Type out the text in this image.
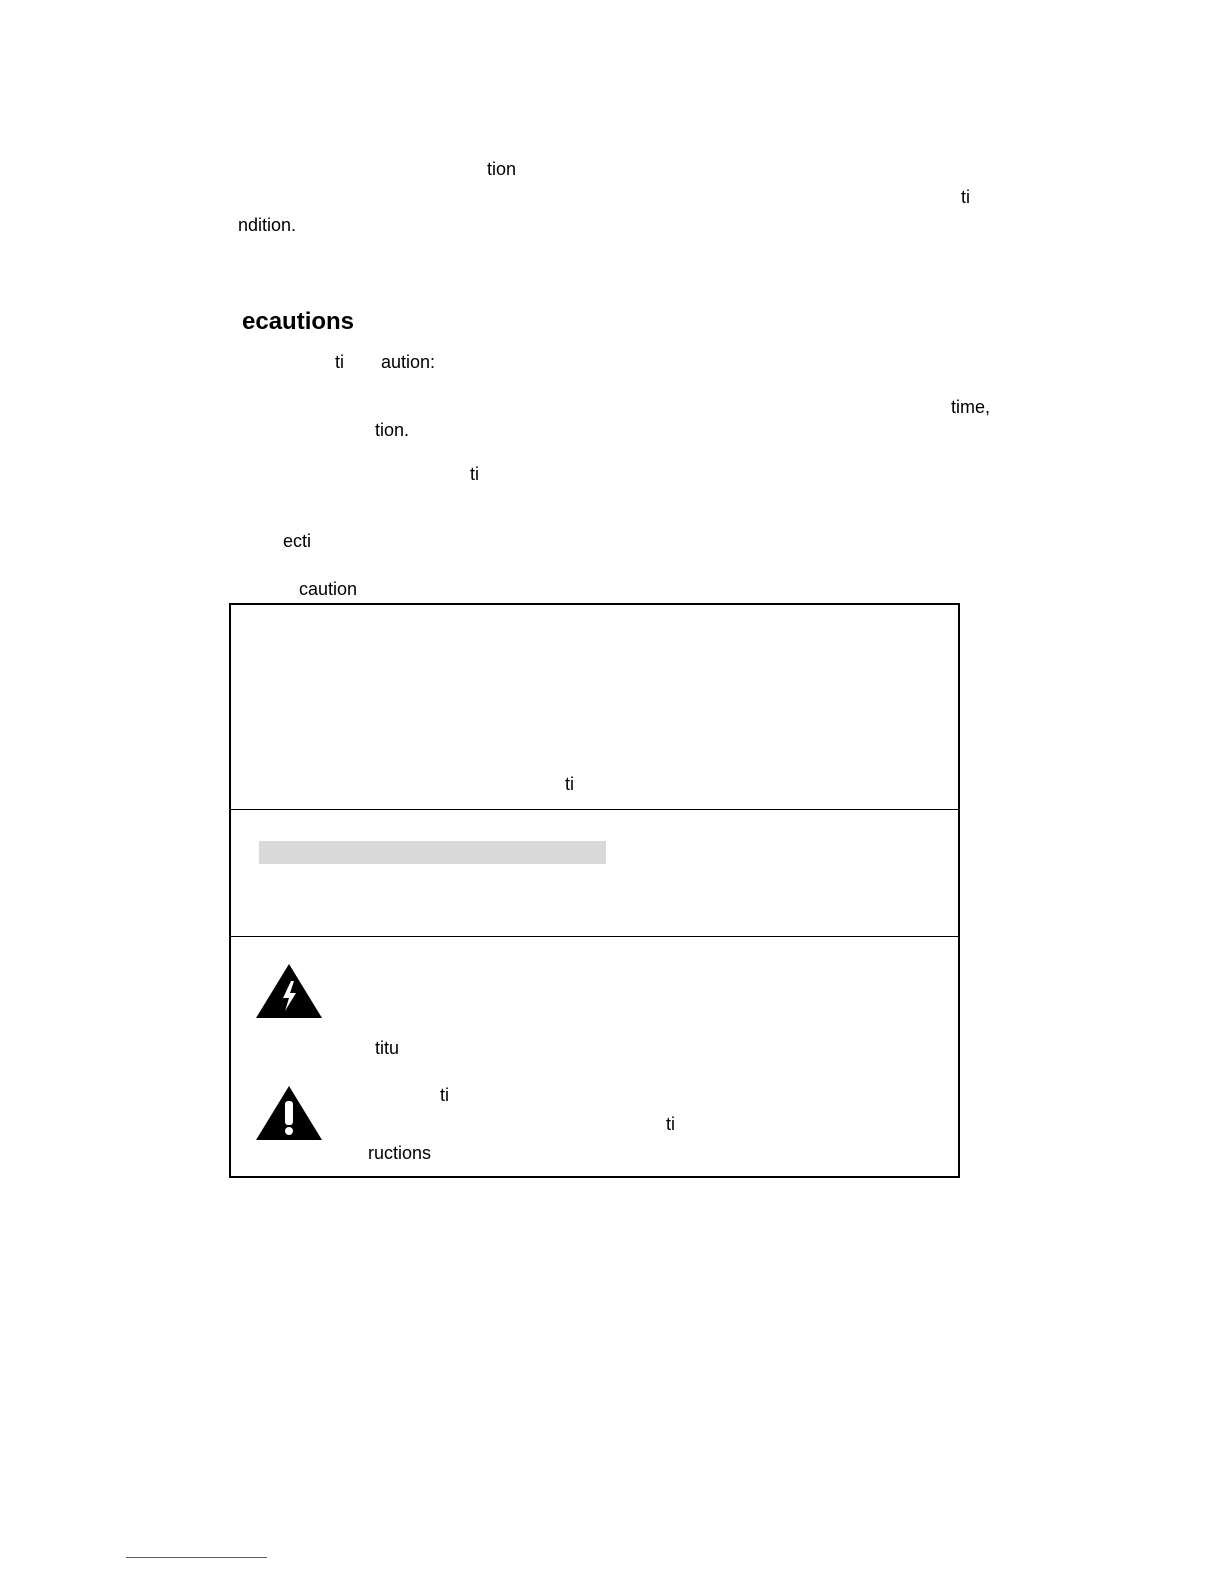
tion
ti
ndition.
ecautions
ti aution:
time,
tion.
ti
ecti
caution
ti
titu
ti
ti
ructions
